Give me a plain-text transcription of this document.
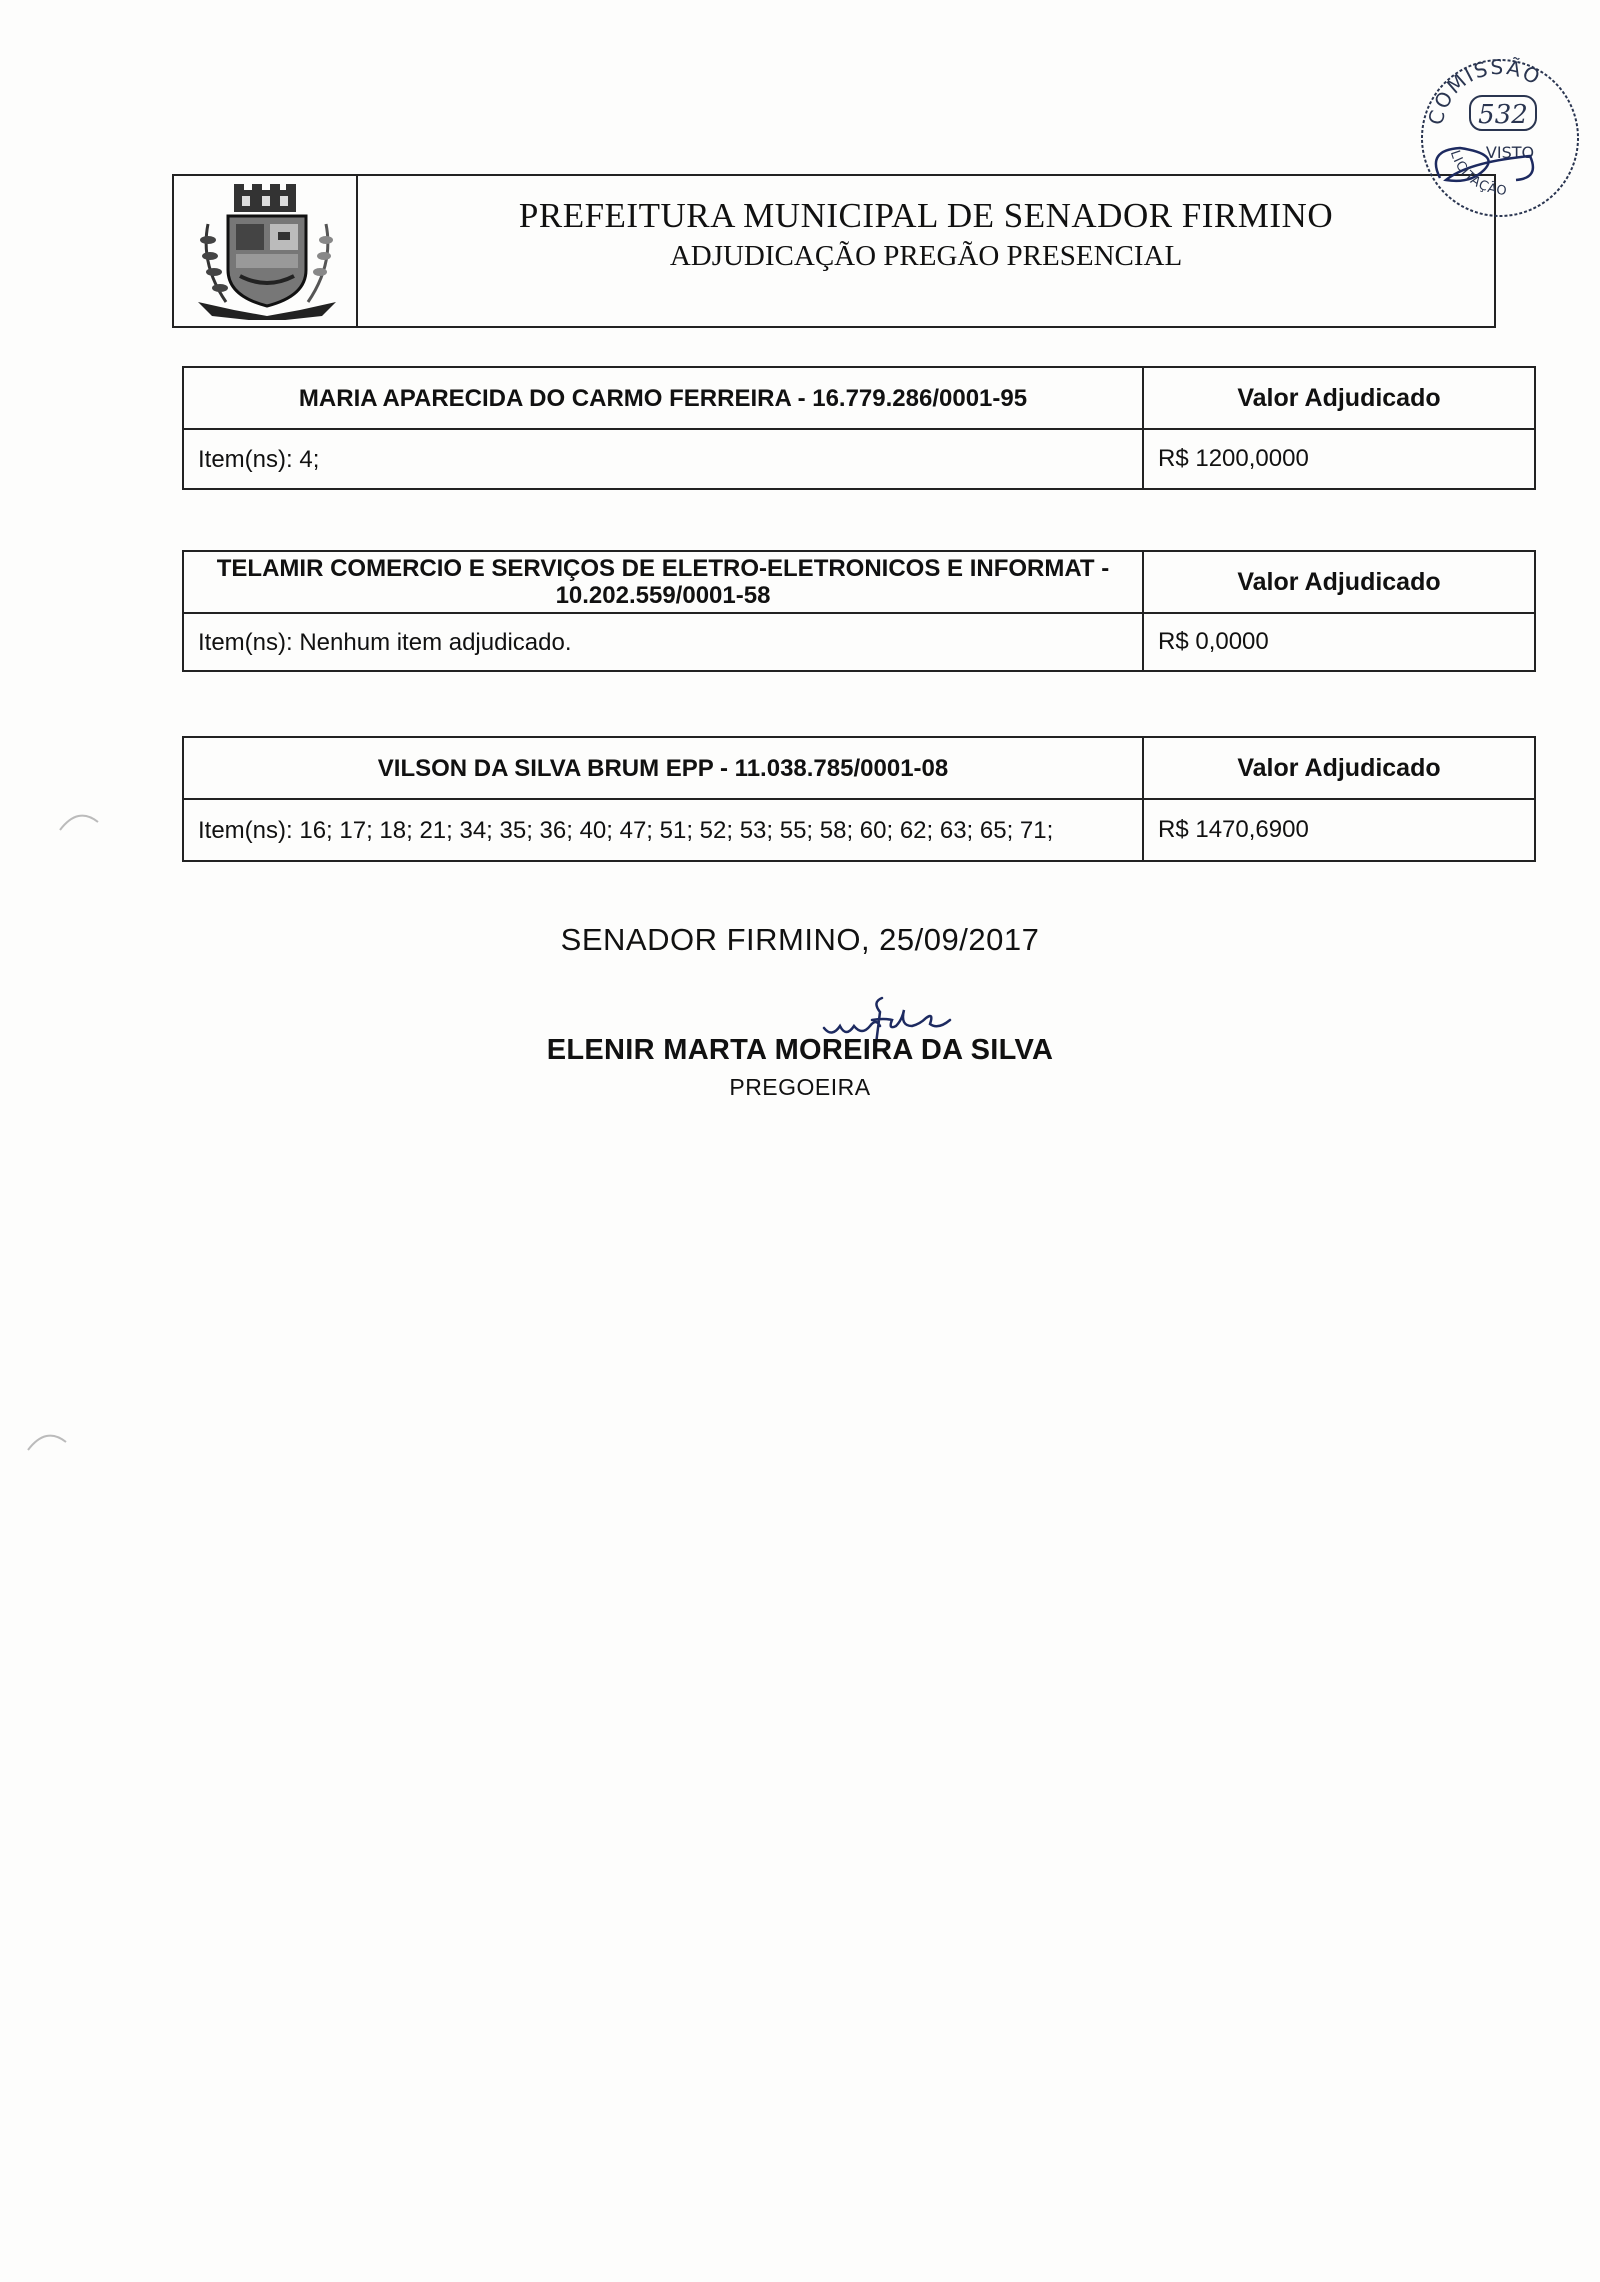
PREFEITURA MUNICIPAL DE SENADOR FIRMINO
ADJUDICAÇÃO PREGÃO PRESENCIAL
COMISSÃO
532
VISTO
LICITAÇÃO
MARIA APARECIDA DO CARMO FERREIRA - 16.779.286/0001-95	Valor Adjudicado
Item(ns): 4;	R$ 1200,0000
TELAMIR COMERCIO E SERVIÇOS DE ELETRO-ELETRONICOS E INFORMAT - 10.202.559/0001-58	Valor Adjudicado
Item(ns): Nenhum item adjudicado.	R$ 0,0000
VILSON DA SILVA BRUM EPP - 11.038.785/0001-08	Valor Adjudicado
Item(ns): 16; 17; 18; 21; 34; 35; 36; 40; 47; 51; 52; 53; 55; 58; 60; 62; 63; 65; 71;	R$ 1470,6900
SENADOR FIRMINO, 25/09/2017
ELENIR MARTA MOREIRA DA SILVA
PREGOEIRA
